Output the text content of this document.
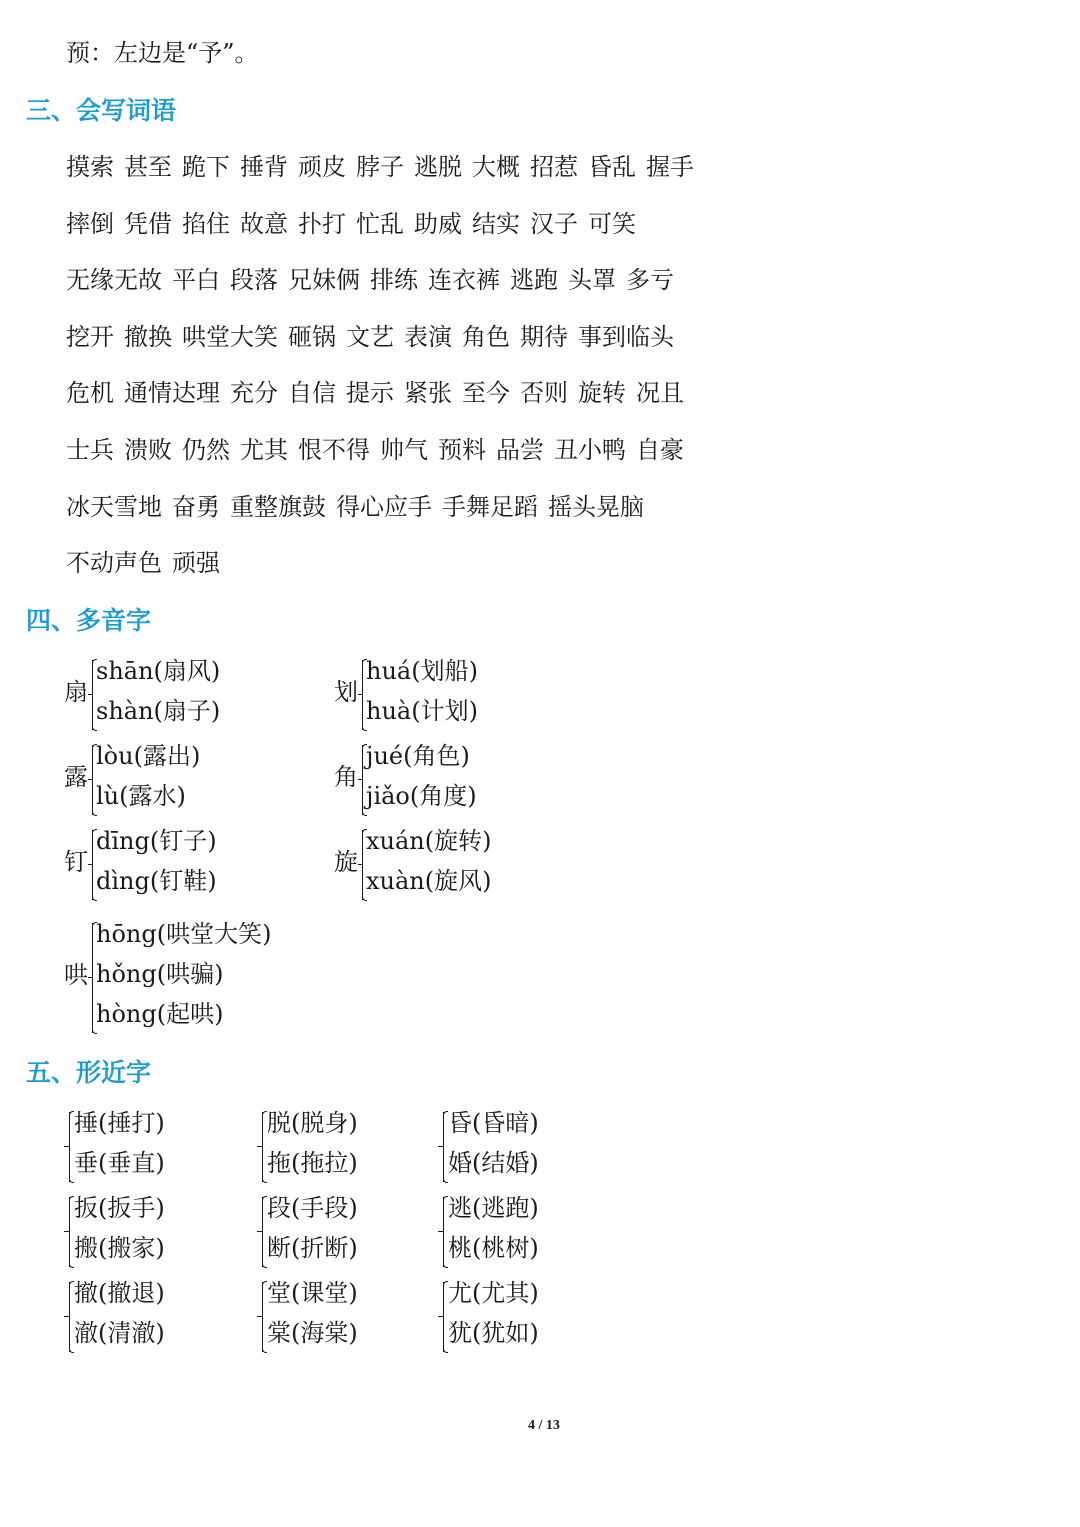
预：左边是“予”。
三、会写词语
摸索 甚至 跪下 捶背 顽皮 脖子 逃脱 大概 招惹 昏乱 握手
摔倒 凭借 掐住 故意 扑打 忙乱 助威 结实 汉子 可笑
无缘无故 平白 段落 兄妹俩 排练 连衣裤 逃跑 头罩 多亏
挖开 撤换 哄堂大笑 砸锅 文艺 表演 角色 期待 事到临头
危机 通情达理 充分 自信 提示 紧张 至今 否则 旋转 况且
士兵 溃败 仍然 尤其 恨不得 帅气 预料 品尝 丑小鸭 自豪
冰天雪地 奋勇 重整旗鼓 得心应手 手舞足蹈 摇头晃脑
不动声色 顽强
四、多音字
扇
shān(扇风)
shàn(扇子)
划
huá(划船)
huà(计划)
露
lòu(露出)
lù(露水)
角
jué(角色)
jiǎo(角度)
钉
dīng(钉子)
dìng(钉鞋)
旋
xuán(旋转)
xuàn(旋风)
哄
hōng(哄堂大笑)
hǒng(哄骗)
hòng(起哄)
五、形近字
捶(捶打)
垂(垂直)
脱(脱身)
拖(拖拉)
昏(昏暗)
婚(结婚)
扳(扳手)
搬(搬家)
段(手段)
断(折断)
逃(逃跑)
桃(桃树)
撤(撤退)
澈(清澈)
堂(课堂)
棠(海棠)
尤(尤其)
犹(犹如)
4 / 13
